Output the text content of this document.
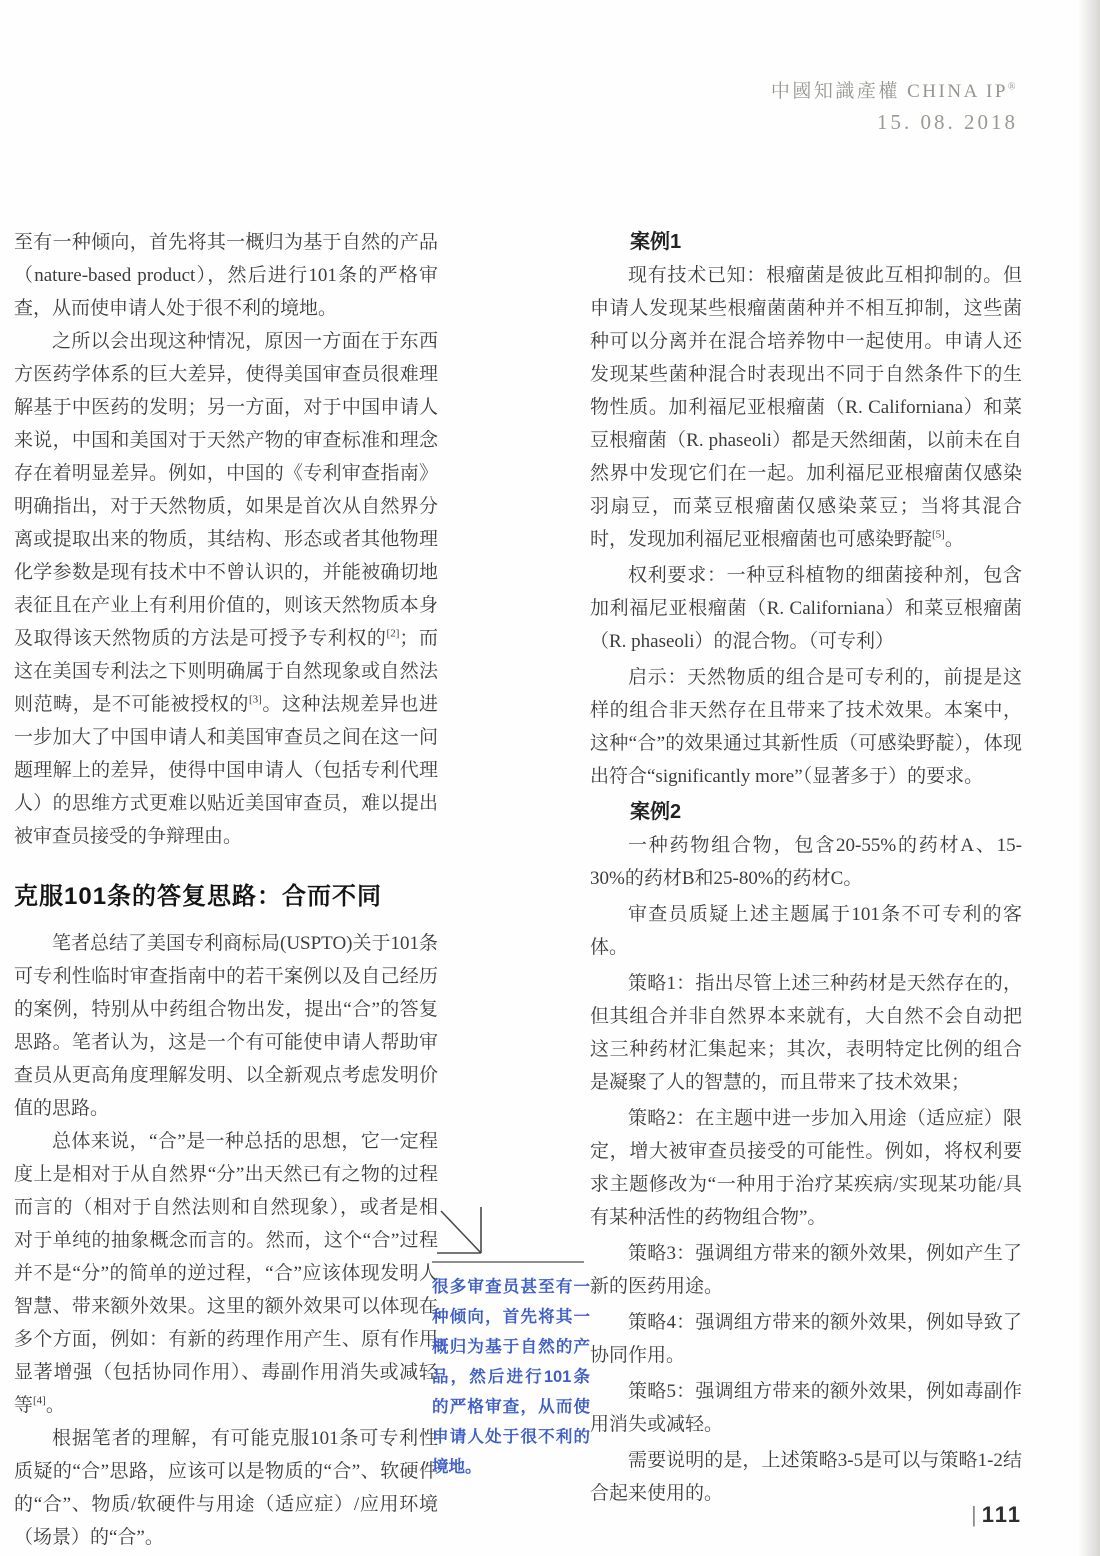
中國知識產權 CHINA IP®
15. 08. 2018

至有一种倾向，首先将其一概归为基于自然的产品（nature-based product），然后进行101条的严格审查，从而使申请人处于很不利的境地。

之所以会出现这种情况，原因一方面在于东西方医药学体系的巨大差异，使得美国审查员很难理解基于中医药的发明；另一方面，对于中国申请人来说，中国和美国对于天然产物的审查标准和理念存在着明显差异。例如，中国的《专利审查指南》明确指出，对于天然物质，如果是首次从自然界分离或提取出来的物质，其结构、形态或者其他物理化学参数是现有技术中不曾认识的，并能被确切地表征且在产业上有利用价值的，则该天然物质本身及取得该天然物质的方法是可授予专利权的[2]；而这在美国专利法之下则明确属于自然现象或自然法则范畴，是不可能被授权的[3]。这种法规差异也进一步加大了中国申请人和美国审查员之间在这一问题理解上的差异，使得中国申请人（包括专利代理人）的思维方式更难以贴近美国审查员，难以提出被审查员接受的争辩理由。

克服101条的答复思路：合而不同

笔者总结了美国专利商标局(USPTO)关于101条可专利性临时审查指南中的若干案例以及自己经历的案例，特别从中药组合物出发，提出“合”的答复思路。笔者认为，这是一个有可能使申请人帮助审查员从更高角度理解发明、以全新观点考虑发明价值的思路。

总体来说，“合”是一种总括的思想，它一定程度上是相对于从自然界“分”出天然已有之物的过程而言的（相对于自然法则和自然现象），或者是相对于单纯的抽象概念而言的。然而，这个“合”过程并不是“分”的简单的逆过程，“合”应该体现发明人智慧、带来额外效果。这里的额外效果可以体现在多个方面，例如：有新的药理作用产生、原有作用显著增强（包括协同作用）、毒副作用消失或减轻等[4]。

根据笔者的理解，有可能克服101条可专利性质疑的“合”思路，应该可以是物质的“合”、软硬件的“合”、物质/软硬件与用途（适应症）/应用环境（场景）的“合”。

案例1

现有技术已知：根瘤菌是彼此互相抑制的。但申请人发现某些根瘤菌菌种并不相互抑制，这些菌种可以分离并在混合培养物中一起使用。申请人还发现某些菌种混合时表现出不同于自然条件下的生物性质。加利福尼亚根瘤菌（R. Californiana）和菜豆根瘤菌（R. phaseoli）都是天然细菌，以前未在自然界中发现它们在一起。加利福尼亚根瘤菌仅感染羽扇豆，而菜豆根瘤菌仅感染菜豆；当将其混合时，发现加利福尼亚根瘤菌也可感染野靛[5]。

权利要求：一种豆科植物的细菌接种剂，包含加利福尼亚根瘤菌（R. Californiana）和菜豆根瘤菌（R. phaseoli）的混合物。（可专利）

启示：天然物质的组合是可专利的，前提是这样的组合非天然存在且带来了技术效果。本案中，这种“合”的效果通过其新性质（可感染野靛），体现出符合“significantly more”（显著多于）的要求。

案例2

一种药物组合物，包含20-55%的药材A、15-30%的药材B和25-80%的药材C。

审查员质疑上述主题属于101条不可专利的客体。

策略1：指出尽管上述三种药材是天然存在的，但其组合并非自然界本来就有，大自然不会自动把这三种药材汇集起来；其次，表明特定比例的组合是凝聚了人的智慧的，而且带来了技术效果；

策略2：在主题中进一步加入用途（适应症）限定，增大被审查员接受的可能性。例如，将权利要求主题修改为“一种用于治疗某疾病/实现某功能/具有某种活性的药物组合物”。

策略3：强调组方带来的额外效果，例如产生了新的医药用途。

策略4：强调组方带来的额外效果，例如导致了协同作用。

策略5：强调组方带来的额外效果，例如毒副作用消失或减轻。

需要说明的是，上述策略3-5是可以与策略1-2结合起来使用的。

很多审查员甚至有一种倾向，首先将其一概归为基于自然的产品，然后进行101条的严格审查，从而使申请人处于很不利的境地。
| 111
